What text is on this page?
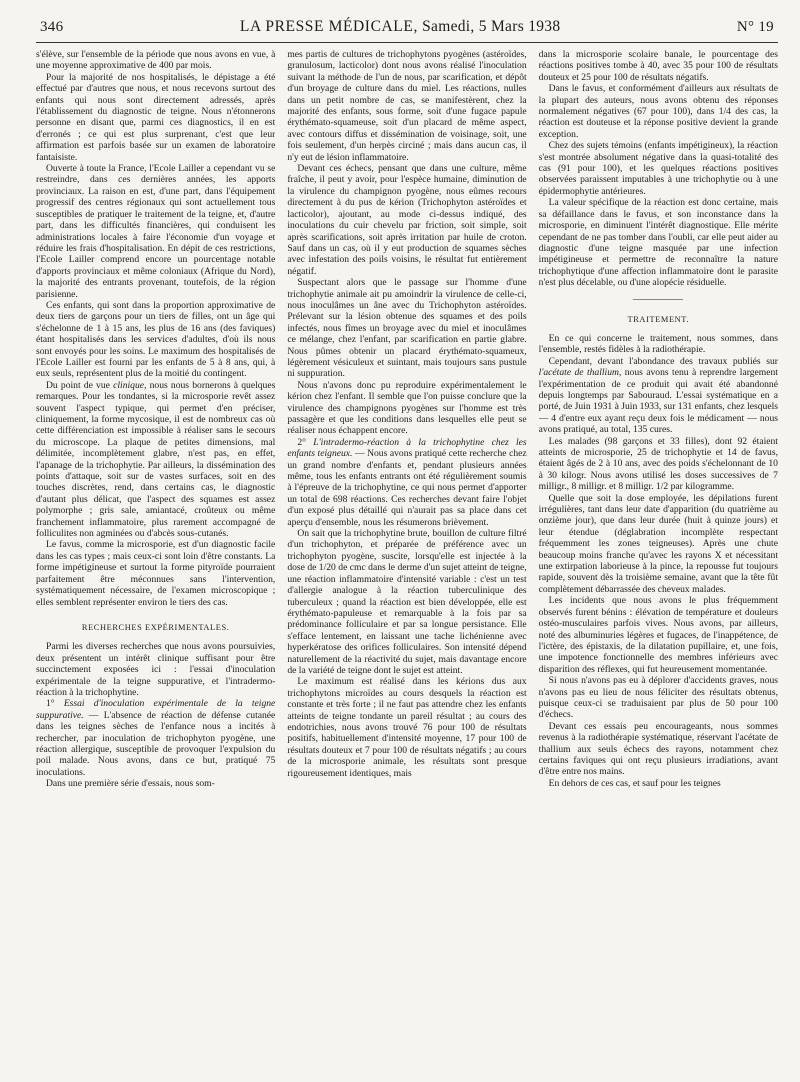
346	LA PRESSE MÉDICALE, Samedi, 5 Mars 1938	N° 19

s'élève, sur l'ensemble de la période que nous avons en vue, à une moyenne approximative de 400 par mois.

Pour la majorité de nos hospitalisés, le dépistage a été effectué par d'autres que nous, et nous recevons surtout des enfants qui nous sont directement adressés, après l'établissement du diagnostic de teigne. Nous n'étonnerons personne en disant que, parmi ces diagnostics, il en est d'erronés ; ce qui est plus surprenant, c'est que leur affirmation est parfois basée sur un examen de laboratoire fantaisiste.

Ouverte à toute la France, l'Ecole Lailler a cependant vu se restreindre, dans ces dernières années, les apports provinciaux. La raison en est, d'une part, dans l'équipement progressif des centres régionaux qui sont actuellement tous susceptibles de pratiquer le traitement de la teigne, et, d'autre part, dans les difficultés financières, qui conduisent les administrations locales à faire l'économie d'un voyage et réduire les frais d'hospitalisation. En dépit de ces restrictions, l'Ecole Lailler comprend encore un pourcentage notable d'apports provinciaux et même coloniaux (Afrique du Nord), la majorité des entrants provenant, toutefois, de la région parisienne.

Ces enfants, qui sont dans la proportion approximative de deux tiers de garçons pour un tiers de filles, ont un âge qui s'échelonne de 1 à 15 ans, les plus de 16 ans (des faviques) étant hospitalisés dans les services d'adultes, d'où ils nous sont envoyés pour les soins. Le maximum des hospitalisés de l'Ecole Lailler est fourni par les enfants de 5 à 8 ans, qui, à eux seuls, représentent plus de la moitié du contingent.

Du point de vue clinique, nous nous bornerons à quelques remarques. Pour les tondantes, si la microsporie revêt assez souvent l'aspect typique, qui permet d'en préciser, cliniquement, la forme mycosique, il est de nombreux cas où cette différenciation est impossible à réaliser sans le secours du microscope. La plaque de petites dimensions, mal délimitée, incomplètement glabre, n'est pas, en effet, l'apanage de la trichophytie. Par ailleurs, la dissémination des points d'attaque, soit sur de vastes surfaces, soit en des touches discrètes, rend, dans certains cas, le diagnostic d'autant plus délicat, que l'aspect des squames est assez polymorphe ; gris sale, amiantacé, croûteux ou même franchement inflammatoire, plus rarement accompagné de folliculites non agminées ou d'abcès sous-cutanés.

Le favus, comme la microsporie, est d'un diagnostic facile dans les cas types ; mais ceux-ci sont loin d'être constants. La forme impétigineuse et surtout la forme pityroïde pourraient parfaitement être méconnues sans l'intervention, systématiquement nécessaire, de l'examen microscopique ; elles semblent représenter environ le tiers des cas.

RECHERCHES EXPÉRIMENTALES.

Parmi les diverses recherches que nous avons poursuivies, deux présentent un intérêt clinique suffisant pour être succinctement exposées ici : l'essai d'inoculation expérimentale de la teigne suppurative, et l'intradermo-réaction à la trichophytine.

1° Essai d'inoculation expérimentale de la teigne suppurative. — L'absence de réaction de défense cutanée dans les teignes sèches de l'enfance nous a incités à rechercher, par inoculation de trichophyton pyogène, une réaction allergique, susceptible de provoquer l'expulsion du poil malade. Nous avons, dans ce but, pratiqué 75 inoculations.

Dans une première série d'essais, nous som-

mes partis de cultures de trichophytons pyogènes (astéroïdes, granulosum, lacticolor) dont nous avons réalisé l'inoculation suivant la méthode de l'un de nous, par scarification, et dépôt d'un broyage de culture dans du miel. Les réactions, nulles dans un petit nombre de cas, se manifestèrent, chez la majorité des enfants, sous forme, soit d'une fugace papule érythémato-squameuse, soit d'un placard de même aspect, avec contours diffus et dissémination de voisinage, soit, une fois seulement, d'un herpès circiné ; mais dans aucun cas, il n'y eut de lésion inflammatoire.

Devant ces échecs, pensant que dans une culture, même fraîche, il peut y avoir, pour l'espèce humaine, diminution de la virulence du champignon pyogène, nous eûmes recours directement à du pus de kérion (Trichophyton astéroïdes et lacticolor), ajoutant, au mode ci-dessus indiqué, des inoculations du cuir chevelu par friction, soit simple, soit après scarifications, soit après irritation par huile de croton. Sauf dans un cas, où il y eut production de squames sèches avec infestation des poils voisins, le résultat fut entièrement négatif.

Suspectant alors que le passage sur l'homme d'une trichophytie animale ait pu amoindrir la virulence de celle-ci, nous inoculâmes un âne avec du Trichophyton astéroïdes. Prélevant sur la lésion obtenue des squames et des poils infectés, nous fîmes un broyage avec du miel et inoculâmes ce mélange, chez l'enfant, par scarification en partie glabre. Nous pûmes obtenir un placard érythémato-squameux, légèrement vésiculeux et suintant, mais toujours sans pustule ni suppuration.

Nous n'avons donc pu reproduire expérimentalement le kérion chez l'enfant. Il semble que l'on puisse conclure que la virulence des champignons pyogènes sur l'homme est très passagère et que les conditions dans lesquelles elle peut se réaliser nous échappent encore.

2° L'intradermo-réaction à la trichophytine chez les enfants teigneux. — Nous avons pratiqué cette recherche chez un grand nombre d'enfants et, pendant plusieurs années même, tous les enfants entrants ont été régulièrement soumis à l'épreuve de la trichophytine, ce qui nous permet d'apporter un total de 698 réactions. Ces recherches devant faire l'objet d'un exposé plus détaillé qui n'aurait pas sa place dans cet aperçu d'ensemble, nous les résumerons brièvement.

On sait que la trichophytine brute, bouillon de culture filtré d'un trichophyton, et préparée de préférence avec un trichophyton pyogène, suscite, lorsqu'elle est injectée à la dose de 1/20 de cmc dans le derme d'un sujet atteint de teigne, une réaction inflammatoire d'intensité variable : c'est un test d'allergie analogue à la réaction tuberculinique des tuberculeux ; quand la réaction est bien développée, elle est érythémato-papuleuse et remarquable à la fois par sa prédominance folliculaire et par sa longue persistance. Elle s'efface lentement, en laissant une tache lichénienne avec hyperkératose des orifices folliculaires. Son intensité dépend naturellement de la réactivité du sujet, mais davantage encore de la variété de teigne dont le sujet est atteint.

Le maximum est réalisé dans les kérions dus aux trichophytons microïdes au cours desquels la réaction est constante et très forte ; il ne faut pas attendre chez les enfants atteints de teigne tondante un pareil résultat ; au cours des endotrichies, nous avons trouvé 76 pour 100 de résultats positifs, habituellement d'intensité moyenne, 17 pour 100 de résultats douteux et 7 pour 100 de résultats négatifs ; au cours de la microsporie animale, les résultats sont presque rigoureusement identiques, mais

dans la microsporie scolaire banale, le pourcentage des réactions positives tombe à 40, avec 35 pour 100 de résultats douteux et 25 pour 100 de résultats négatifs.

Dans le favus, et conformément d'ailleurs aux résultats de la plupart des auteurs, nous avons obtenu des réponses normalement négatives (67 pour 100), dans 1/4 des cas, la réaction est douteuse et la réponse positive devient la grande exception.

Chez des sujets témoins (enfants impétigineux), la réaction s'est montrée absolument négative dans la quasi-totalité des cas (91 pour 100), et les quelques réactions positives observées paraissent imputables à une trichophytie ou à une épidermophytie antérieures.

La valeur spécifique de la réaction est donc certaine, mais sa défaillance dans le favus, et son inconstance dans la microsporie, en diminuent l'intérêt diagnostique. Elle mérite cependant de ne pas tomber dans l'oubli, car elle peut aider au diagnostic d'une teigne masquée par une infection impétigineuse et permettre de reconnaître la nature trichophytique d'une affection inflammatoire dont le parasite n'est plus décelable, ou d'une alopécie résiduelle.

TRAITEMENT.

En ce qui concerne le traitement, nous sommes, dans l'ensemble, restés fidèles à la radiothérapie.

Cependant, devant l'abondance des travaux publiés sur l'acétate de thallium, nous avons tenu à reprendre largement l'expérimentation de ce produit qui avait été abandonné depuis longtemps par Sabouraud. L'essai systématique en a porté, de Juin 1931 à Juin 1933, sur 131 enfants, chez lesquels — 4 d'entre eux ayant reçu deux fois le médicament — nous avons pratiqué, au total, 135 cures.

Les malades (98 garçons et 33 filles), dont 92 étaient atteints de microsporie, 25 de trichophytie et 14 de favus, étaient âgés de 2 à 10 ans, avec des poids s'échelonnant de 10 à 30 kilogr. Nous avons utilisé les doses successives de 7 milligr., 8 milligr. et 8 milligr. 1/2 par kilogramme.

Quelle que soit la dose employée, les dépilations furent irrégulières, tant dans leur date d'apparition (du quatrième au onzième jour), que dans leur durée (huit à quinze jours) et leur étendue (déglabration incomplète respectant fréquemment les zones teigneuses). Après une chute beaucoup moins franche qu'avec les rayons X et nécessitant une extirpation laborieuse à la pince, la repousse fut toujours rapide, souvent dès la troisième semaine, avant que la tête fût complètement débarrassée des cheveux malades.

Les incidents que nous avons le plus fréquemment observés furent bénins : élévation de température et douleurs ostéo-musculaires parfois vives. Nous avons, par ailleurs, noté des albuminuries légères et fugaces, de l'inappétence, de l'ictère, des épistaxis, de la dilatation pupillaire, et, une fois, une impotence fonctionnelle des membres inférieurs avec disparition des réflexes, qui fut heureusement momentanée.

Si nous n'avons pas eu à déplorer d'accidents graves, nous n'avons pas eu lieu de nous féliciter des résultats obtenus, puisque ceux-ci se traduisaient par plus de 50 pour 100 d'échecs.

Devant ces essais peu encourageants, nous sommes revenus à la radiothérapie systématique, réservant l'acétate de thallium aux seuls échecs des rayons, notamment chez certains faviques qui ont reçu plusieurs irradiations, avant d'être entre nos mains.

En dehors de ces cas, et sauf pour les teignes
